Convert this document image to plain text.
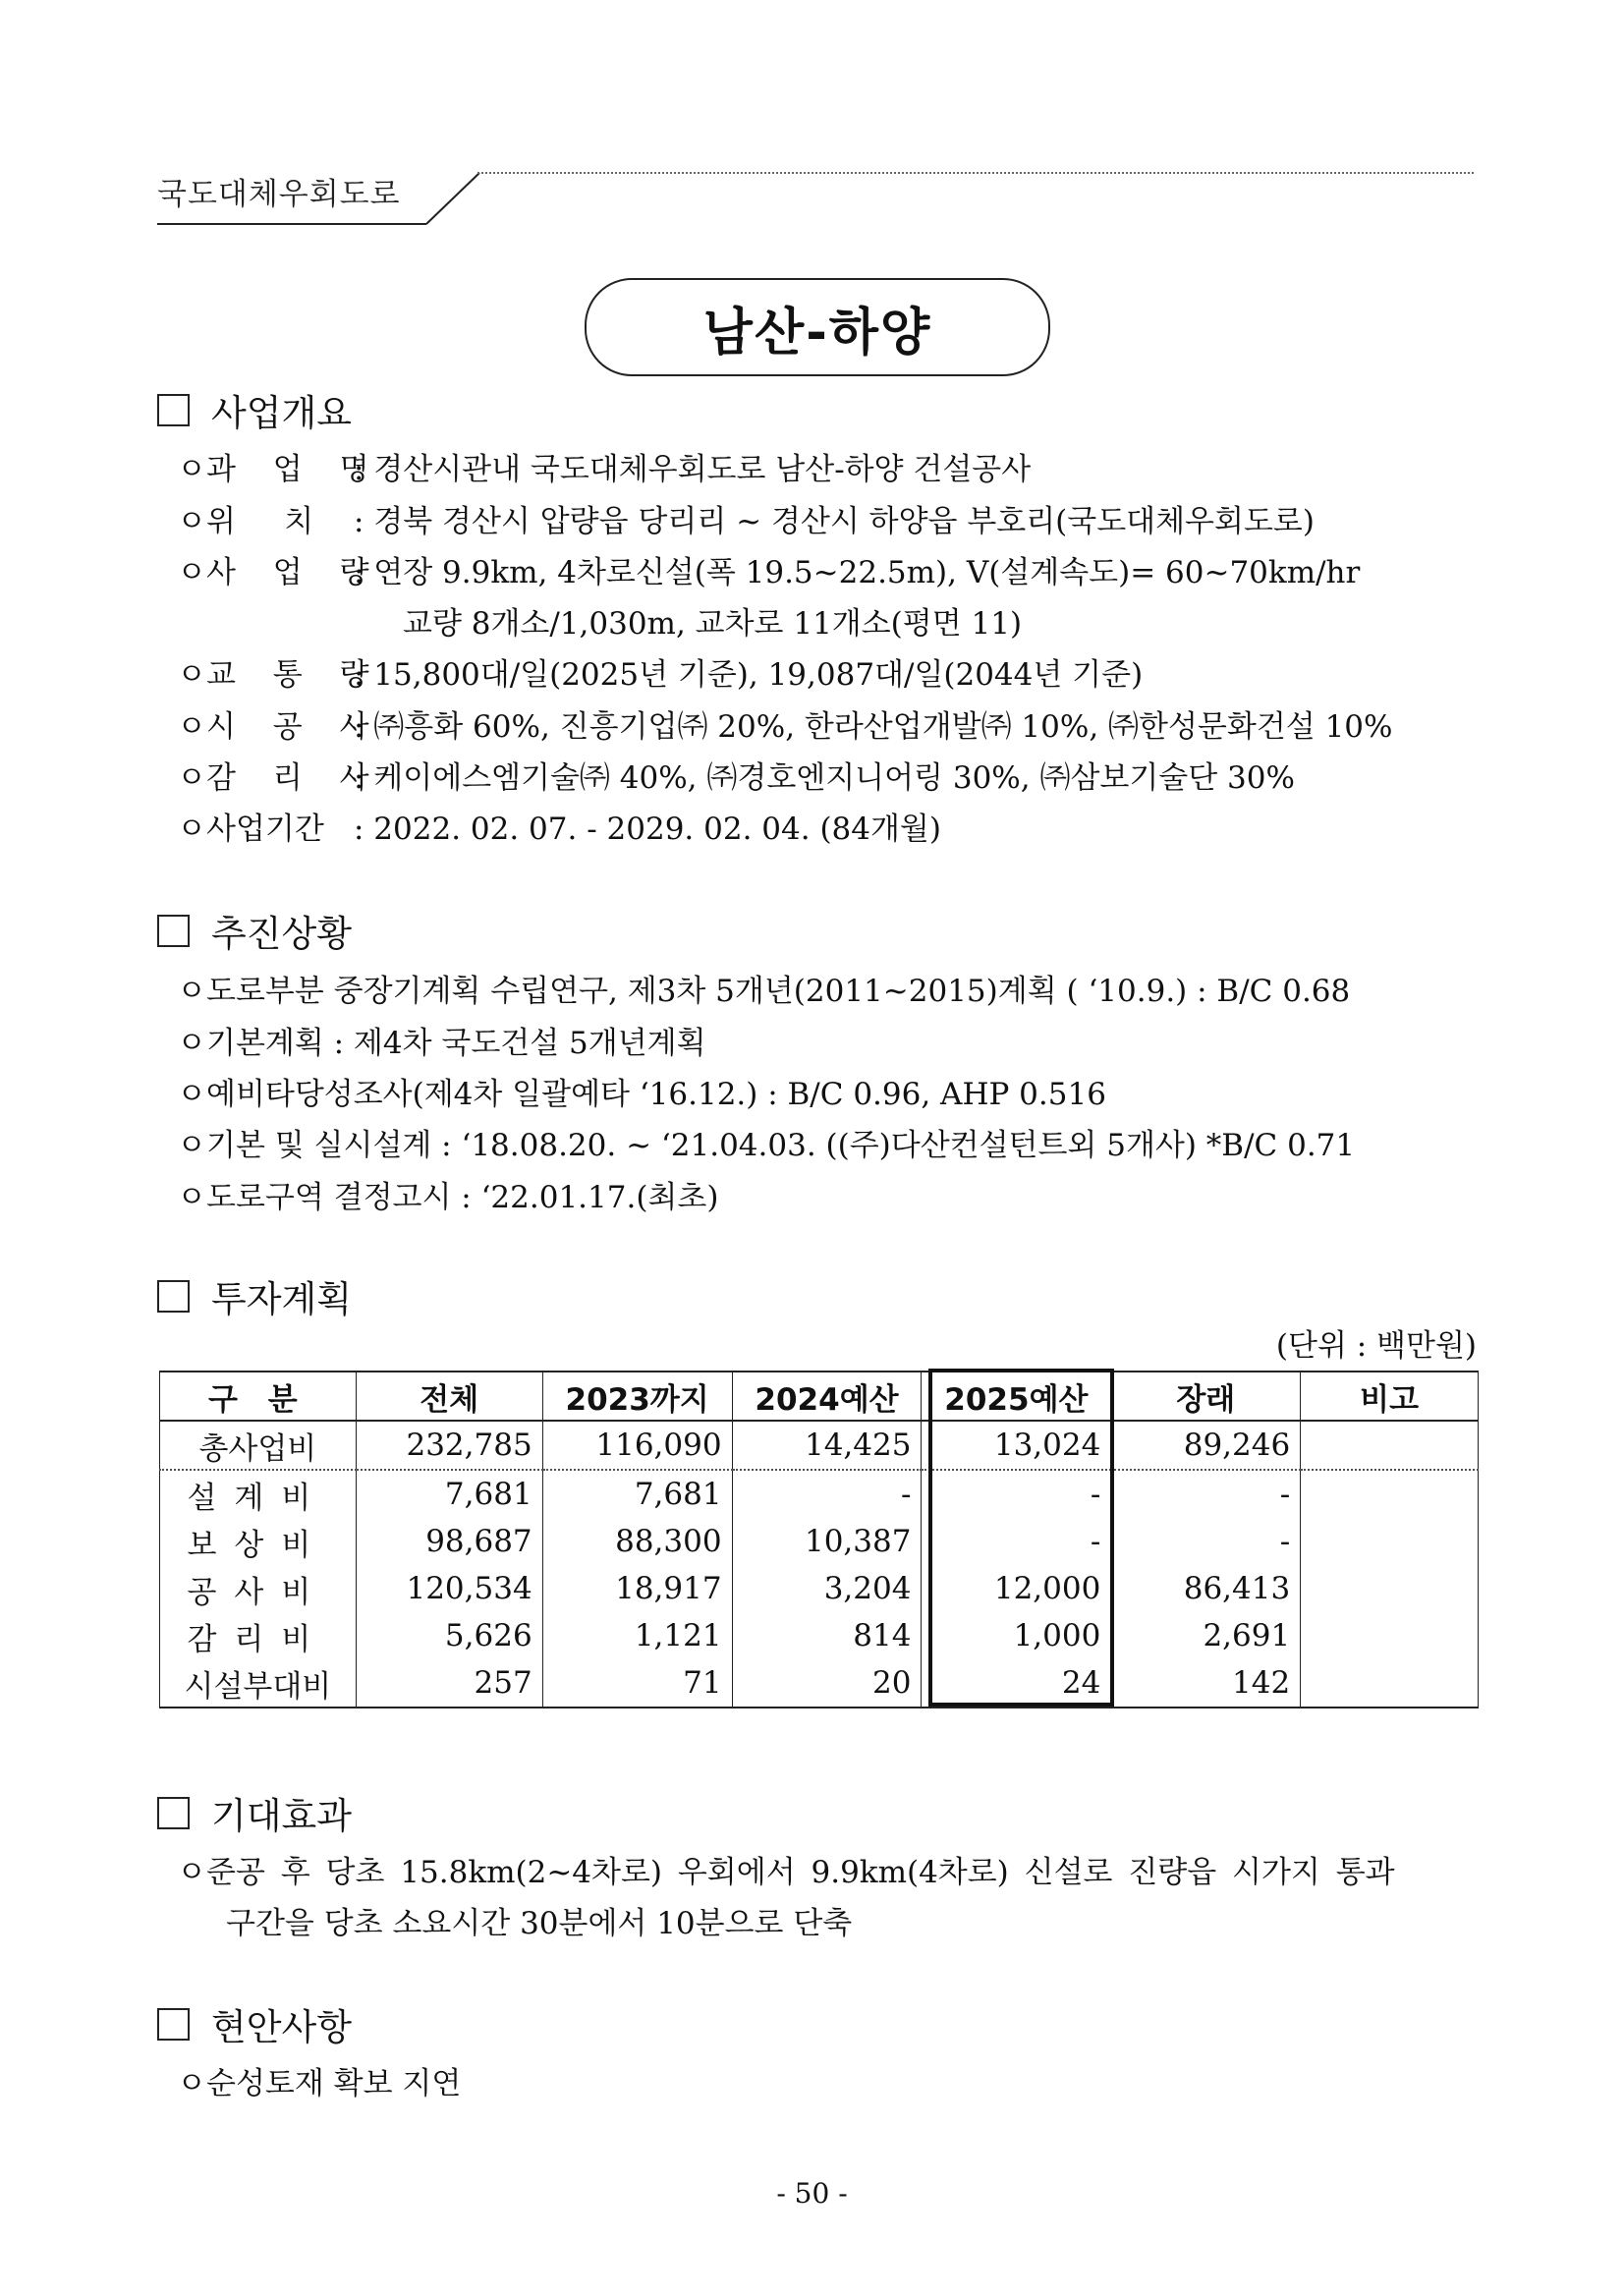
국도대체우회도로
남산-하양
사업개요
ㅇ 과 업 명
: 경산시관내 국도대체우회도로 남산-하양 건설공사
ㅇ 위     치	: 경북 경산시 압량읍 당리리 ~ 경산시 하양읍 부호리(국도대체우회도로)
ㅇ 사 업 량
: 연장 9.9km, 4차로신설(폭 19.5~22.5m), V(설계속도)= 60~70km/hr
교량 8개소/1,030m, 교차로 11개소(평면 11)
ㅇ 교 통 량
: 15,800대/일(2025년 기준), 19,087대/일(2044년 기준)
ㅇ 시 공 사
: ㈜흥화 60%, 진흥기업㈜ 20%, 한라산업개발㈜ 10%, ㈜한성문화건설 10%
ㅇ 감 리 사
: 케이에스엠기술㈜ 40%, ㈜경호엔지니어링 30%, ㈜삼보기술단 30%
ㅇ 사업기간 : 2022. 02. 07. - 2029. 02. 04. (84개월)
추진상황
ㅇ 도로부분 중장기계획 수립연구, 제3차 5개년(2011~2015)계획 ( ‘10.9.) : B/C 0.68
ㅇ 기본계획 : 제4차 국도건설 5개년계획
ㅇ 예비타당성조사(제4차 일괄예타 ‘16.12.) : B/C 0.96, AHP 0.516
ㅇ 기본 및 실시설계 : ‘18.08.20. ~ ‘21.04.03. ((주)다산컨설턴트외 5개사) *B/C 0.71
ㅇ 도로구역 결정고시 : ‘22.01.17.(최초)
투자계획
(단위 : 백만원)
구 분	전체	2023까지	2024예산	2025예산	장래	비고
총사업비	232,785	116,090	14,425	13,024	89,246	
설계비	7,681	7,681	-	-	-	
보상비	98,687	88,300	10,387	-	-	
공사비	120,534	18,917	3,204	12,000	86,413	
감리비	5,626	1,121	814	1,000	2,691	
시설부대비	257	71	20	24	142	
기대효과
ㅇ 준공 후 당초 15.8km(2~4차로) 우회에서 9.9km(4차로) 신설로 진량읍 시가지 통과
구간을 당초 소요시간 30분에서 10분으로 단축
현안사항
ㅇ 순성토재 확보 지연
- 50 -
